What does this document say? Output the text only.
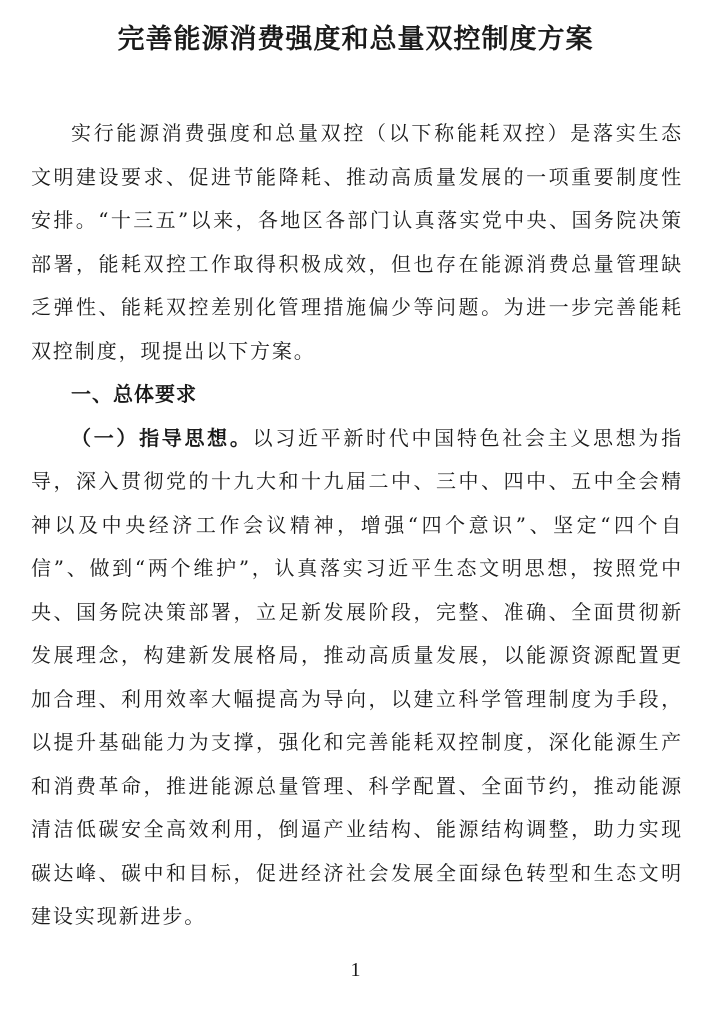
完善能源消费强度和总量双控制度方案

实行能源消费强度和总量双控（以下称能耗双控）是落实生态文明建设要求、促进节能降耗、推动高质量发展的一项重要制度性安排。“十三五”以来，各地区各部门认真落实党中央、国务院决策部署，能耗双控工作取得积极成效，但也存在能源消费总量管理缺乏弹性、能耗双控差别化管理措施偏少等问题。为进一步完善能耗双控制度，现提出以下方案。

一、总体要求

（一）指导思想。以习近平新时代中国特色社会主义思想为指导，深入贯彻党的十九大和十九届二中、三中、四中、五中全会精神以及中央经济工作会议精神，增强“四个意识”、坚定“四个自信”、做到“两个维护”，认真落实习近平生态文明思想，按照党中央、国务院决策部署，立足新发展阶段，完整、准确、全面贯彻新发展理念，构建新发展格局，推动高质量发展，以能源资源配置更加合理、利用效率大幅提高为导向，以建立科学管理制度为手段，以提升基础能力为支撑，强化和完善能耗双控制度，深化能源生产和消费革命，推进能源总量管理、科学配置、全面节约，推动能源清洁低碳安全高效利用，倒逼产业结构、能源结构调整，助力实现碳达峰、碳中和目标，促进经济社会发展全面绿色转型和生态文明建设实现新进步。

1
